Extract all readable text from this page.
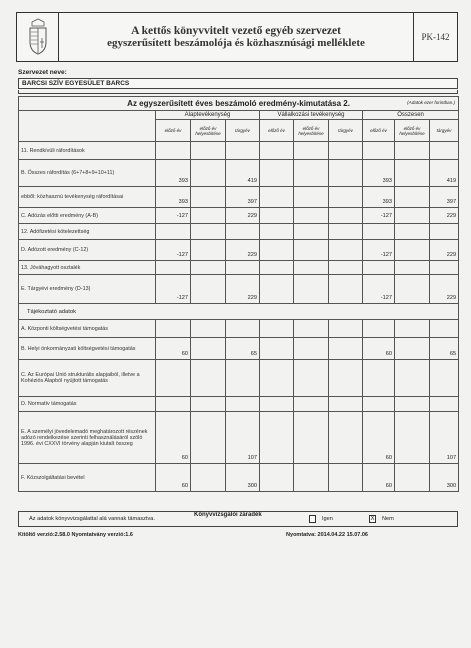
A kettős könyvvitelt vezető egyéb szervezet
egyszerűsített beszámolója és közhasznúsági melléklete
PK-142
Szervezet neve:
BARCSI SZÍV EGYESÜLET BARCS
Az egyszerűsített éves beszámoló eredmény-kimutatása 2. (Adatok ezer forintban.)									

	Alaptevékenység			Vállalkozási tevékenység			Összesen		
	előző év	előző év helyesbítése	tárgyév	előző év	előző év helyesbítése	tárgyév	előző év	előző év helyesbítése	tárgyév
11. Rendkívüli ráfordítások									
B. Összes ráfordítás (6+7+8+9+10+11)	393		419				393		419
ebből: közhasznú tevékenység ráfordításai	393		397				393		397
C. Adózás előtti eredmény (A-B)	-127		229				-127		229
12. Adófizetési kötelezettség									
D. Adózott eredmény (C-12)	-127		229				-127		229
13. Jóváhagyott osztalék									
E. Tárgyévi eredmény (D-13)	-127		229				-127		229
Tájékoztató adatok									
A. Központi költségvetési támogatás									
B. Helyi önkormányzati költségvetési támogatás	60		65				60		65
C. Az Európai Unió strukturális alapjaiból, illetve a Kohéziós Alapból nyújtott támogatás									
D. Normatív támogatás									
E. A személyi jövedelemadó meghatározott részének adózó rendelkezése szerinti felhasználásáról szóló 1996. évi CXXVI törvény alapján kiutalt összeg	60		107				60		107
F. Közszolgáltatási bevétel	60		300				60		300
Az adatok könyvvizsgálattal alá vannak támasztva.
Könyvvizsgálói záradék
Igen	X Nem
Kitöltő verzió:2.58.0 Nyomtatvány verzió:1.6	Nyomtatva: 2014.04.22 15.07.06
